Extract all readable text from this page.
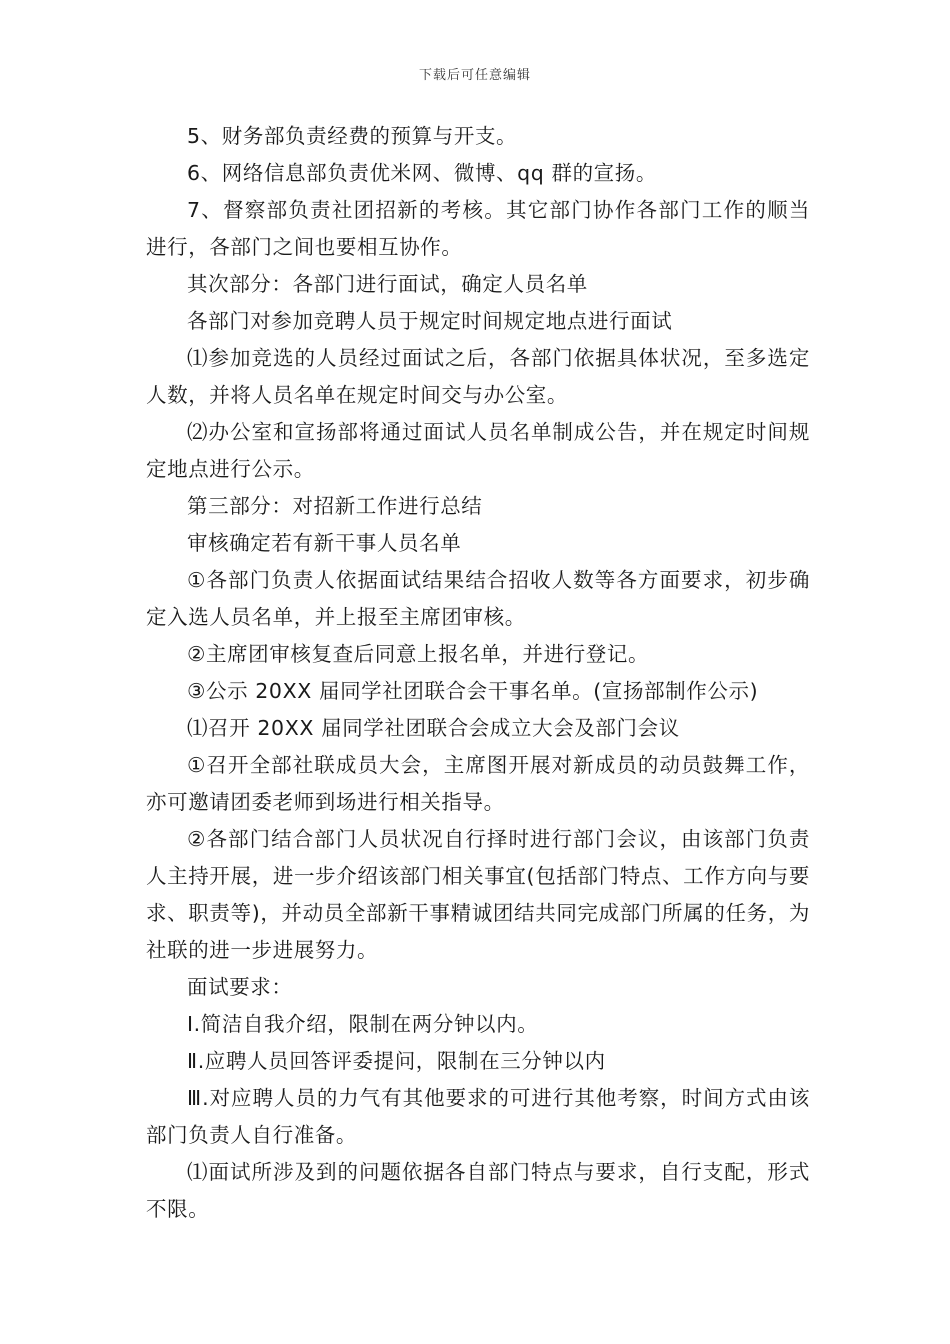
下载后可任意编辑

5、财务部负责经费的预算与开支。

6、网络信息部负责优米网、微博、qq 群的宣扬。

7、督察部负责社团招新的考核。其它部门协作各部门工作的顺当进行，各部门之间也要相互协作。

其次部分：各部门进行面试，确定人员名单

各部门对参加竞聘人员于规定时间规定地点进行面试

⑴参加竞选的人员经过面试之后，各部门依据具体状况，至多选定人数，并将人员名单在规定时间交与办公室。

⑵办公室和宣扬部将通过面试人员名单制成公告，并在规定时间规定地点进行公示。

第三部分：对招新工作进行总结

审核确定若有新干事人员名单

①各部门负责人依据面试结果结合招收人数等各方面要求，初步确定入选人员名单，并上报至主席团审核。

②主席团审核复查后同意上报名单，并进行登记。

③公示 20XX 届同学社团联合会干事名单。(宣扬部制作公示)

⑴召开 20XX 届同学社团联合会成立大会及部门会议

①召开全部社联成员大会，主席图开展对新成员的动员鼓舞工作，亦可邀请团委老师到场进行相关指导。

②各部门结合部门人员状况自行择时进行部门会议，由该部门负责人主持开展，进一步介绍该部门相关事宜(包括部门特点、工作方向与要求、职责等)，并动员全部新干事精诚团结共同完成部门所属的任务，为社联的进一步进展努力。

面试要求：

Ⅰ.简洁自我介绍，限制在两分钟以内。

Ⅱ.应聘人员回答评委提问，限制在三分钟以内

Ⅲ.对应聘人员的力气有其他要求的可进行其他考察，时间方式由该部门负责人自行准备。

⑴面试所涉及到的问题依据各自部门特点与要求，自行支配，形式不限。
